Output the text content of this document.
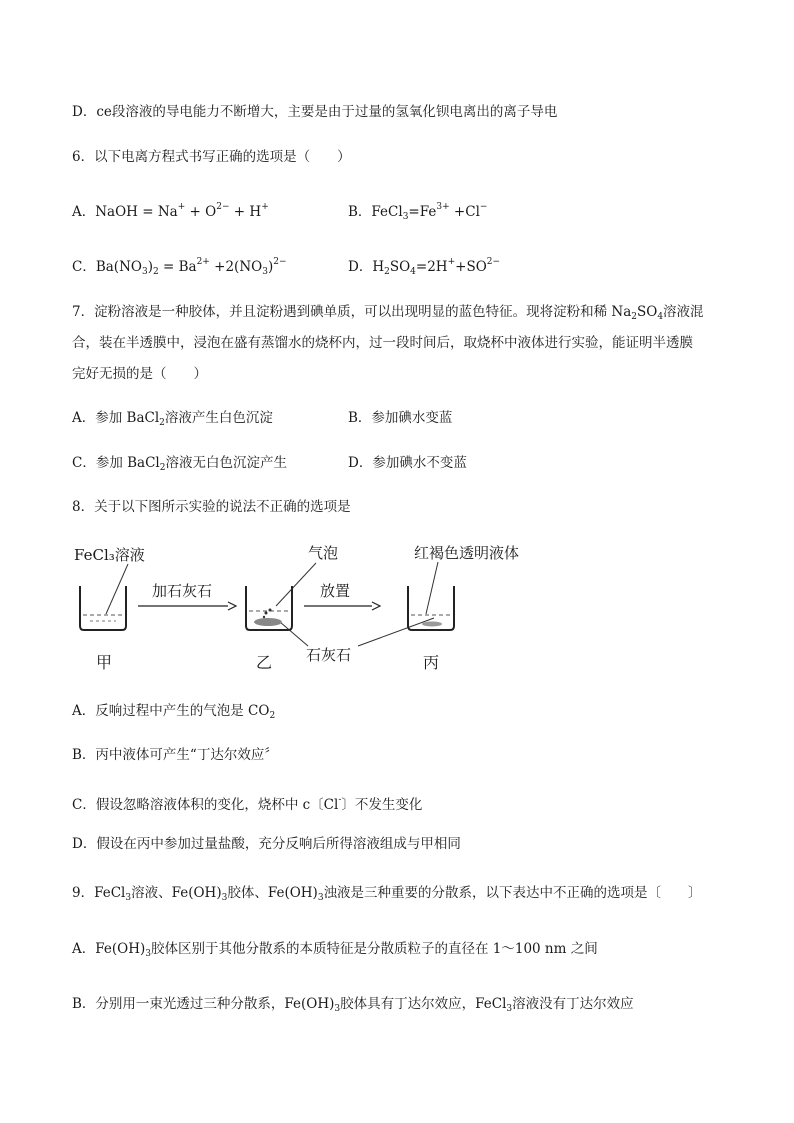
D．ce段溶液的导电能力不断增大，主要是由于过量的氢氧化钡电离出的离子导电
6．以下电离方程式书写正确的选项是（　　）
A．NaOH = $Na^+ + O^{2-} + H^+$	B．$FeCl_3=Fe^{3+} +Cl^-$
C．$Ba(NO_3)_2 = Ba^{2+} +2(NO_3)^{2-}$	D．$H_2SO_4=2H^++SO^{2-}$
7．淀粉溶液是一种胶体，并且淀粉遇到碘单质，可以出现明显的蓝色特征。现将淀粉和稀 $Na_2SO_4$溶液混
合，装在半透膜中，浸泡在盛有蒸馏水的烧杯内，过一段时间后，取烧杯中液体进行实验，能证明半透膜
完好无损的是（　　）
A．参加 BaCl$_2$溶液产生白色沉淀	B．参加碘水变蓝
C．参加 BaCl$_2$溶液无白色沉淀产生	D．参加碘水不变蓝
8．关于以下图所示实验的说法不正确的选项是
FeCl₃溶液	气泡	红褐色透明液体
加石灰石	放置
石灰石
甲	乙	丙
A．反响过程中产生的气泡是 $CO_2$
B．丙中液体可产生“丁达尔效应〞
C．假设忽略溶液体积的变化，烧杯中 c〔Cl-〕不发生变化
D．假设在丙中参加过量盐酸，充分反响后所得溶液组成与甲相同
9．FeCl$_3$溶液、$Fe(OH)_3$胶体、$Fe(OH)_3$浊液是三种重要的分散系，以下表达中不正确的选项是〔　　〕
A．$Fe(OH)_3$胶体区别于其他分散系的本质特征是分散质粒子的直径在 1～100 nm 之间
B．分别用一束光透过三种分散系，$Fe(OH)_3$胶体具有丁达尔效应，FeCl$_3$溶液没有丁达尔效应
